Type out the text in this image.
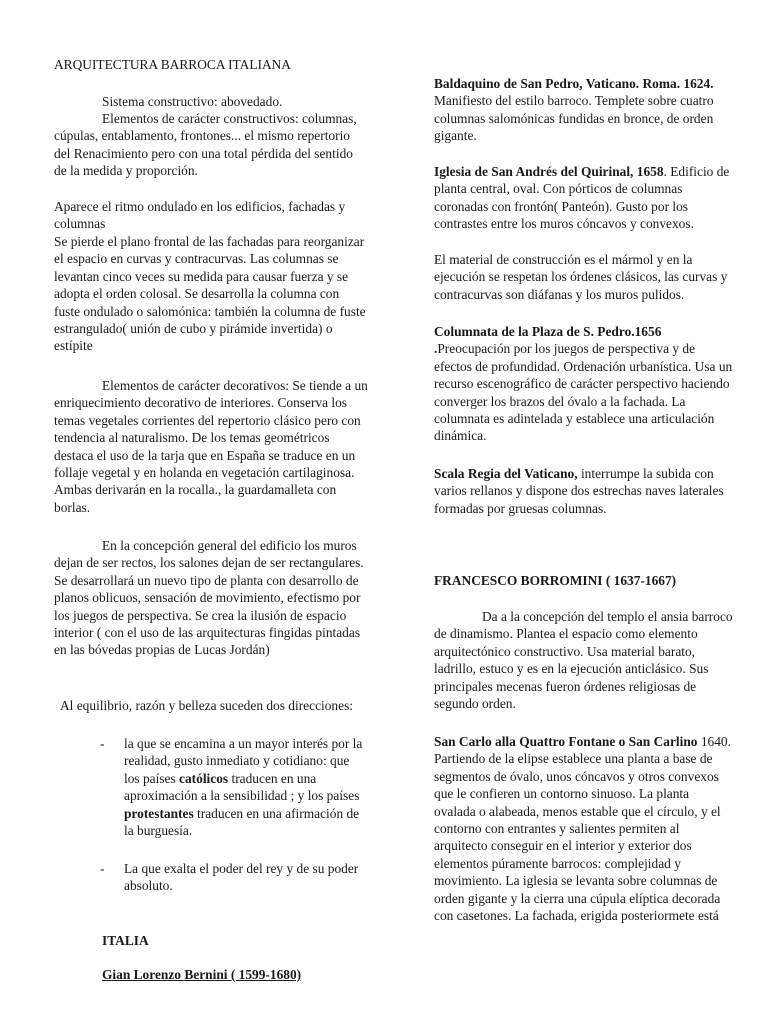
ARQUITECTURA BARROCA ITALIANA

Sistema constructivo: abovedado.

Elementos de carácter constructivos: columnas, cúpulas, entablamento, frontones... el mismo repertorio del Renacimiento pero con una total pérdida del sentido de la medida y proporción.

Aparece el ritmo ondulado en los edificios, fachadas y columnas

Se pierde el plano frontal de las fachadas para reorganizar el espacio en curvas y contracurvas. Las columnas se levantan cinco veces su medida para causar fuerza y se adopta el orden colosal. Se desarrolla la columna con fuste ondulado o salomónica: también la columna de fuste estrangulado( unión de cubo y pirámide invertida) o estípite

Elementos de carácter decorativos: Se tiende a un enriquecimiento decorativo de interiores. Conserva los temas vegetales corrientes del repertorio clásico pero con tendencia al naturalismo. De los temas geométricos destaca el uso de la tarja que en España se traduce en un follaje vegetal y en holanda en vegetación cartilaginosa. Ambas derivarán en la rocalla., la guardamalleta con borlas.

En la concepción general del edificio los muros dejan de ser rectos, los salones dejan de ser rectangulares. Se desarrollará un nuevo tipo de planta con desarrollo de planos oblicuos, sensación de movimiento, efectismo por los juegos de perspectiva. Se crea la ilusión de espacio interior ( con el uso de las arquitecturas fingidas pintadas en las bóvedas propias de Lucas Jordán)

Al equilibrio, razón y belleza suceden dos direcciones:

- la que se encamina a un mayor interés por la realidad, gusto inmediato y cotidiano: que los países católicos traducen en una aproximación a la sensibilidad ; y los países protestantes traducen en una afirmación de la burguesía.
- La que exalta el poder del rey y de su poder absoluto.

ITALIA

Gian Lorenzo Bernini ( 1599-1680)

Baldaquino de San Pedro, Vaticano. Roma. 1624. Manifiesto del estilo barroco. Templete sobre cuatro columnas salomónicas fundidas en bronce, de orden gigante.

Iglesia de San Andrés del Quirinal, 1658. Edificio de planta central, oval. Con pórticos de columnas coronadas con frontón( Panteón). Gusto por los contrastes entre los muros cóncavos y convexos.

El material de construcción es el mármol y en la ejecución se respetan los órdenes clásicos, las curvas y contracurvas son diáfanas y los muros pulidos.

Columnata de la Plaza de S. Pedro.1656 .Preocupación por los juegos de perspectiva y de efectos de profundidad. Ordenación urbanística. Usa un recurso escenográfico de carácter perspectivo haciendo converger los brazos del óvalo a la fachada. La columnata es adintelada y establece una articulación dinámica.

Scala Regia del Vaticano, interrumpe la subida con varios rellanos y dispone dos estrechas naves laterales formadas por gruesas columnas.

FRANCESCO BORROMINI ( 1637-1667)

Da a la concepción del templo el ansia barroco de dinamismo. Plantea el espacio como elemento arquitectónico constructivo. Usa material barato, ladrillo, estuco y es en la ejecución anticlásico. Sus principales mecenas fueron órdenes religiosas de segundo orden.

San Carlo alla Quattro Fontane o San Carlino 1640. Partiendo de la elipse establece una planta a base de segmentos de óvalo, unos cóncavos y otros convexos que le confieren un contorno sinuoso. La planta ovalada o alabeada, menos estable que el círculo, y el contorno con entrantes y salientes permiten al arquitecto conseguir en el interior y exterior dos elementos púramente barrocos: complejidad y movimiento. La iglesia se levanta sobre columnas de orden gigante y la cierra una cúpula elíptica decorada con casetones. La fachada, erigida posteriormete está
